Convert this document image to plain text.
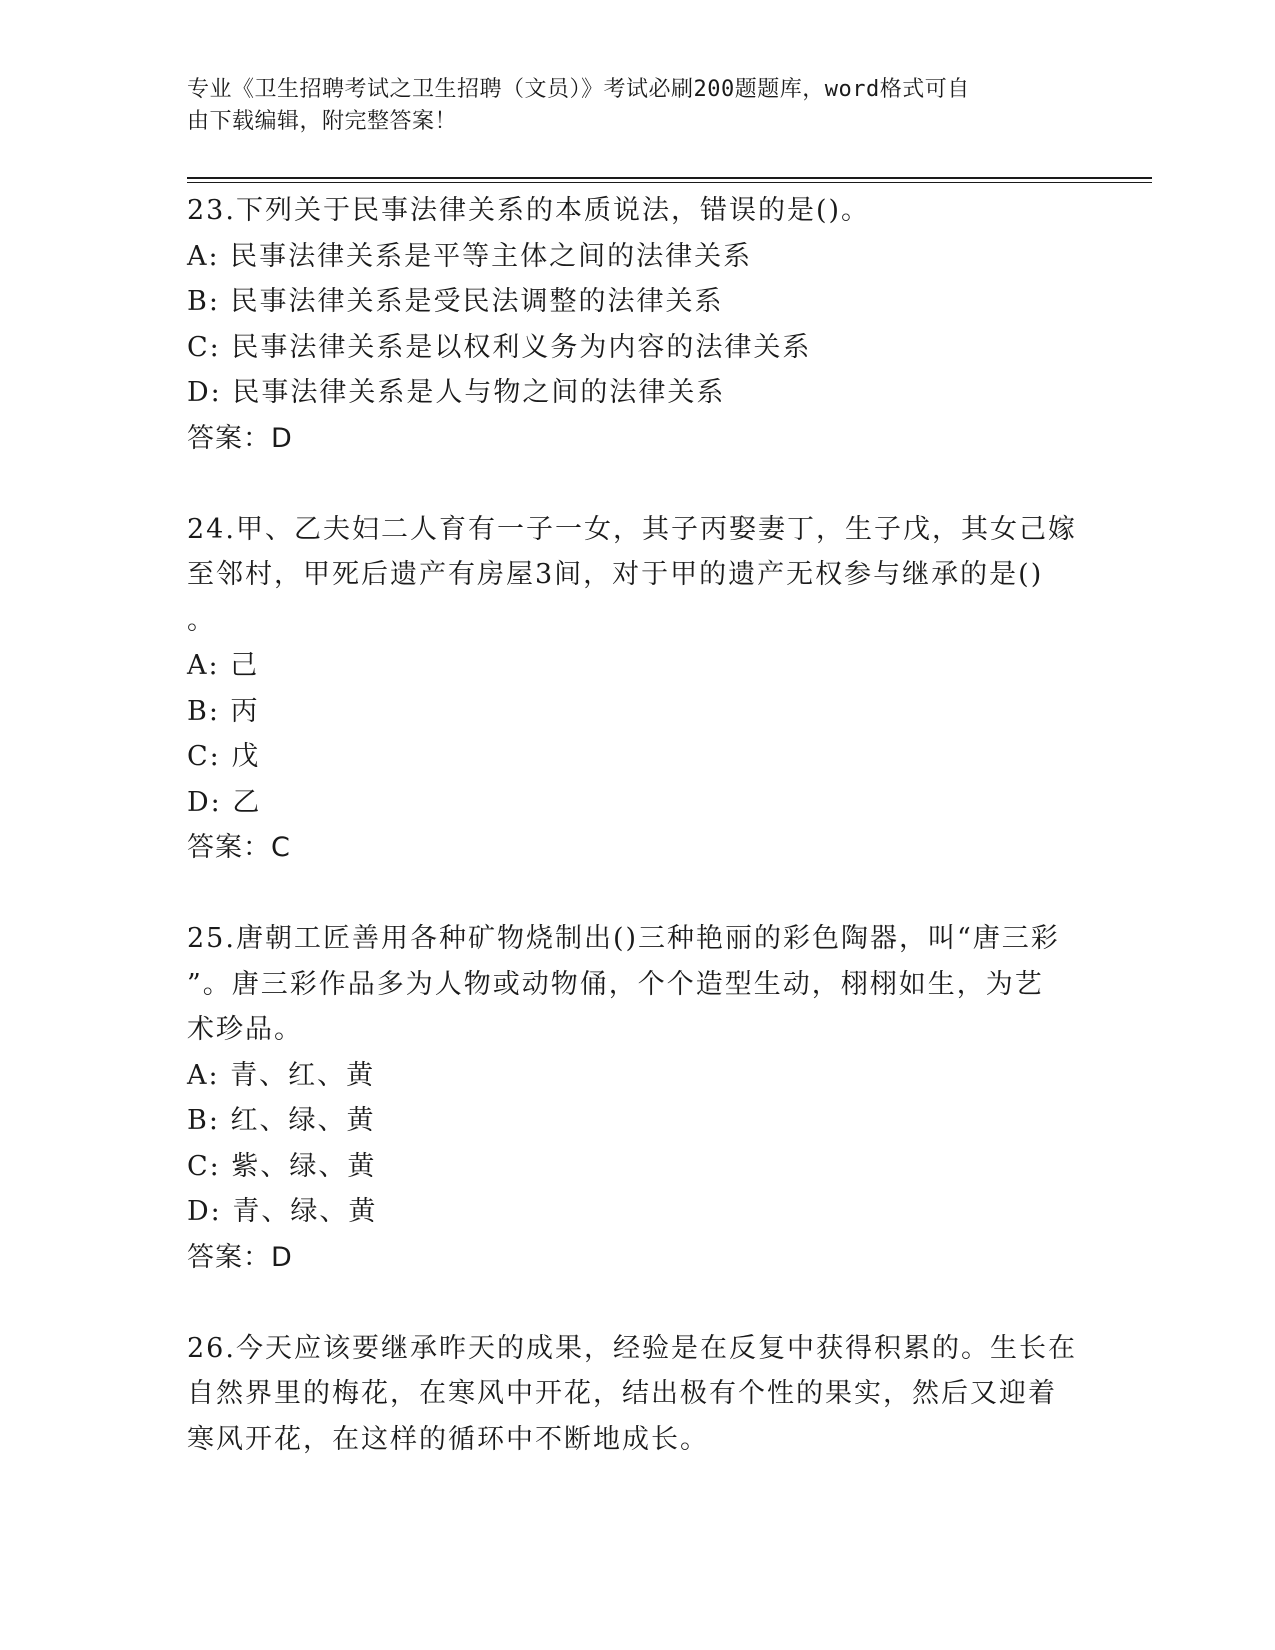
专业《卫生招聘考试之卫生招聘（文员）》考试必刷200题题库，word格式可自
由下载编辑，附完整答案！
23.下列关于民事法律关系的本质说法，错误的是()。
A: 民事法律关系是平等主体之间的法律关系
B: 民事法律关系是受民法调整的法律关系
C: 民事法律关系是以权利义务为内容的法律关系
D: 民事法律关系是人与物之间的法律关系
答案：D
24.甲、乙夫妇二人育有一子一女，其子丙娶妻丁，生子戊，其女己嫁
至邻村，甲死后遗产有房屋3间，对于甲的遗产无权参与继承的是()
。
A: 己
B: 丙
C: 戊
D: 乙
答案：C
25.唐朝工匠善用各种矿物烧制出()三种艳丽的彩色陶器，叫“唐三彩
”。唐三彩作品多为人物或动物俑，个个造型生动，栩栩如生，为艺
术珍品。
A: 青、红、黄
B: 红、绿、黄
C: 紫、绿、黄
D: 青、绿、黄
答案：D
26.今天应该要继承昨天的成果，经验是在反复中获得积累的。生长在
自然界里的梅花，在寒风中开花，结出极有个性的果实，然后又迎着
寒风开花，在这样的循环中不断地成长。
